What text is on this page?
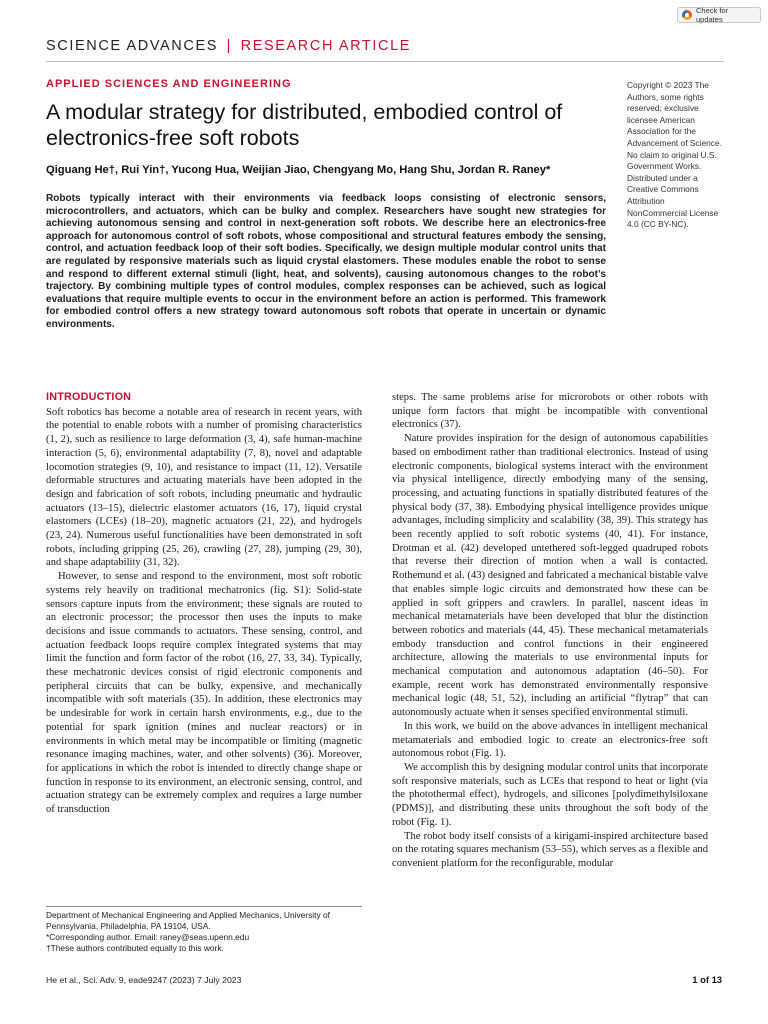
Check for updates
SCIENCE ADVANCES | RESEARCH ARTICLE
APPLIED SCIENCES AND ENGINEERING
A modular strategy for distributed, embodied control of electronics-free soft robots
Qiguang He†, Rui Yin†, Yucong Hua, Weijian Jiao, Chengyang Mo, Hang Shu, Jordan R. Raney*

Robots typically interact with their environments via feedback loops consisting of electronic sensors, microcontrollers, and actuators, which can be bulky and complex. Researchers have sought new strategies for achieving autonomous sensing and control in next-generation soft robots. We describe here an electronics-free approach for autonomous control of soft robots, whose compositional and structural features embody the sensing, control, and actuation feedback loop of their soft bodies. Specifically, we design multiple modular control units that are regulated by responsive materials such as liquid crystal elastomers. These modules enable the robot to sense and respond to different external stimuli (light, heat, and solvents), causing autonomous changes to the robot’s trajectory. By combining multiple types of control modules, complex responses can be achieved, such as logical evaluations that require multiple events to occur in the environment before an action is performed. This framework for embodied control offers a new strategy toward autonomous soft robots that operate in uncertain or dynamic environments.

Copyright © 2023 The Authors, some rights reserved; exclusive licensee American Association for the Advancement of Science. No claim to original U.S. Government Works. Distributed under a Creative Commons Attribution NonCommercial License 4.0 (CC BY-NC).
INTRODUCTION

Soft robotics has become a notable area of research in recent years, with the potential to enable robots with a number of promising characteristics (1, 2), such as resilience to large deformation (3, 4), safe human-machine interaction (5, 6), environmental adaptability (7, 8), novel and adaptable locomotion strategies (9, 10), and resistance to impact (11, 12). Versatile deformable structures and actuating materials have been adopted in the design and fabrication of soft robots, including pneumatic and hydraulic actuators (13–15), dielectric elastomer actuators (16, 17), liquid crystal elastomers (LCEs) (18–20), magnetic actuators (21, 22), and hydrogels (23, 24). Numerous useful functionalities have been demonstrated in soft robots, including gripping (25, 26), crawling (27, 28), jumping (29, 30), and shape adaptability (31, 32).

However, to sense and respond to the environment, most soft robotic systems rely heavily on traditional mechatronics (fig. S1): Solid-state sensors capture inputs from the environment; these signals are routed to an electronic processor; the processor then uses the inputs to make decisions and issue commands to actuators. These sensing, control, and actuation feedback loops require complex integrated systems that may limit the function and form factor of the robot (16, 27, 33, 34). Typically, these mechatronic devices consist of rigid electronic components and peripheral circuits that can be bulky, expensive, and mechanically incompatible with soft materials (35). In addition, these electronics may be undesirable for work in certain harsh environments, e.g., due to the potential for spark ignition (mines and nuclear reactors) or in environments in which metal may be incompatible or limiting (magnetic resonance imaging machines, water, and other solvents) (36). Moreover, for applications in which the robot is intended to directly change shape or function in response to its environment, an electronic sensing, control, and actuation strategy can be extremely complex and requires a large number of transduction

steps. The same problems arise for microrobots or other robots with unique form factors that might be incompatible with conventional electronics (37).

Nature provides inspiration for the design of autonomous capabilities based on embodiment rather than traditional electronics. Instead of using electronic components, biological systems interact with the environment via physical intelligence, directly embodying many of the sensing, processing, and actuating functions in spatially distributed features of the physical body (37, 38). Embodying physical intelligence provides unique advantages, including simplicity and scalability (38, 39). This strategy has been recently applied to soft robotic systems (40, 41). For instance, Drotman et al. (42) developed untethered soft-legged quadruped robots that reverse their direction of motion when a wall is contacted. Rothemund et al. (43) designed and fabricated a mechanical bistable valve that enables simple logic circuits and demonstrated how these can be applied in soft grippers and crawlers. In parallel, nascent ideas in mechanical metamaterials have been developed that blur the distinction between robotics and materials (44, 45). These mechanical metamaterials embody transduction and control functions in their engineered architecture, allowing the materials to use environmental inputs for mechanical computation and autonomous adaptation (46–50). For example, recent work has demonstrated environmentally responsive mechanical logic (48, 51, 52), including an artificial “flytrap” that can autonomously actuate when it senses specified environmental stimuli.

In this work, we build on the above advances in intelligent mechanical metamaterials and embodied logic to create an electronics-free soft autonomous robot (Fig. 1).

We accomplish this by designing modular control units that incorporate soft responsive materials, such as LCEs that respond to heat or light (via the photothermal effect), hydrogels, and silicones [polydimethylsiloxane (PDMS)], and distributing these units throughout the soft body of the robot (Fig. 1).

The robot body itself consists of a kirigami-inspired architecture based on the rotating squares mechanism (53–55), which serves as a flexible and convenient platform for the reconfigurable, modular

Department of Mechanical Engineering and Applied Mechanics, University of Pennsylvania, Philadelphia, PA 19104, USA.
*Corresponding author. Email: raney@seas.upenn.edu
†These authors contributed equally to this work.
He et al., Sci. Adv. 9, eade9247 (2023) 7 July 2023	1 of 13
